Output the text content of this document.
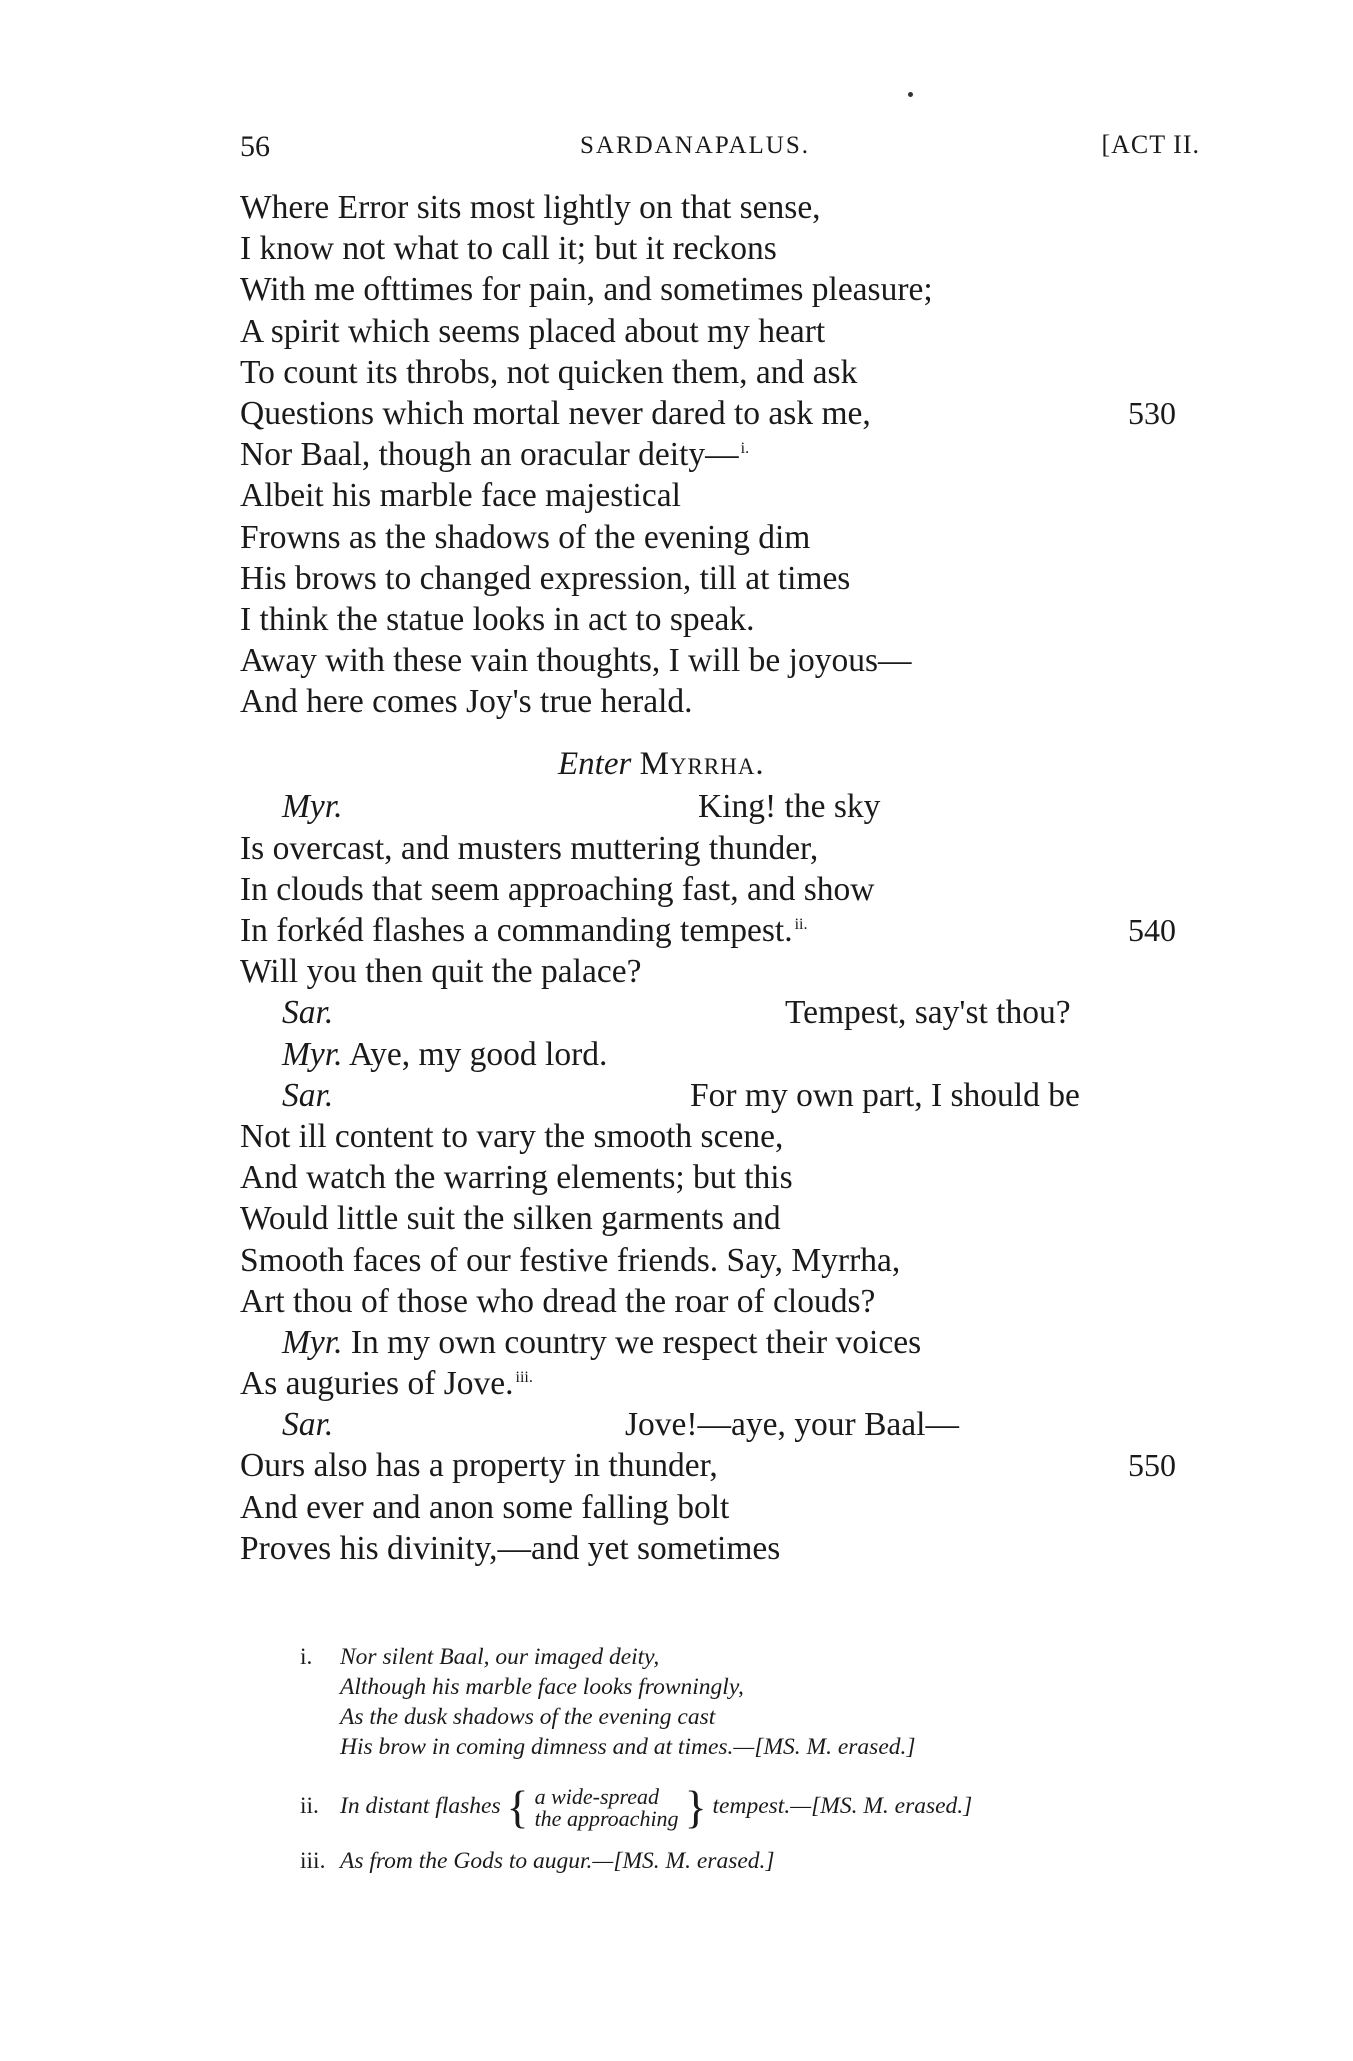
56	SARDANAPALUS.	[ACT II.
Where Error sits most lightly on that sense,
I know not what to call it; but it reckons
With me ofttimes for pain, and sometimes pleasure;
A spirit which seems placed about my heart
To count its throbs, not quicken them, and ask
Questions which mortal never dared to ask me,	530
Nor Baal, though an oracular deity— $^{i.}$
Albeit his marble face majestical
Frowns as the shadows of the evening dim
His brows to changed expression, till at times
I think the statue looks in act to speak.
Away with these vain thoughts, I will be joyous—
And here comes Joy's true herald.
Enter Myrrha.
Myr.	King! the sky
Is overcast, and musters muttering thunder,
In clouds that seem approaching fast, and show
In forkéd flashes a commanding tempest. $^{ii.}$	540
Will you then quit the palace?
Sar.	Tempest, say'st thou?
Myr. Aye, my good lord.
Sar.	For my own part, I should be
Not ill content to vary the smooth scene,
And watch the warring elements; but this
Would little suit the silken garments and
Smooth faces of our festive friends. Say, Myrrha,
Art thou of those who dread the roar of clouds?
Myr. In my own country we respect their voices
As auguries of Jove. $^{iii.}$
Sar.	Jove!—aye, your Baal—
Ours also has a property in thunder,	550
And ever and anon some falling bolt
Proves his divinity,—and yet sometimes
i. Nor silent Baal, our imaged deity,
Although his marble face looks frowningly,
As the dusk shadows of the evening cast
His brow in coming dimness and at times.—[MS. M. erased.]
ii. In distant flashes { a wide-spread
the approaching } tempest.—[MS. M. erased.]
iii. As from the Gods to augur.—[MS. M. erased.]
